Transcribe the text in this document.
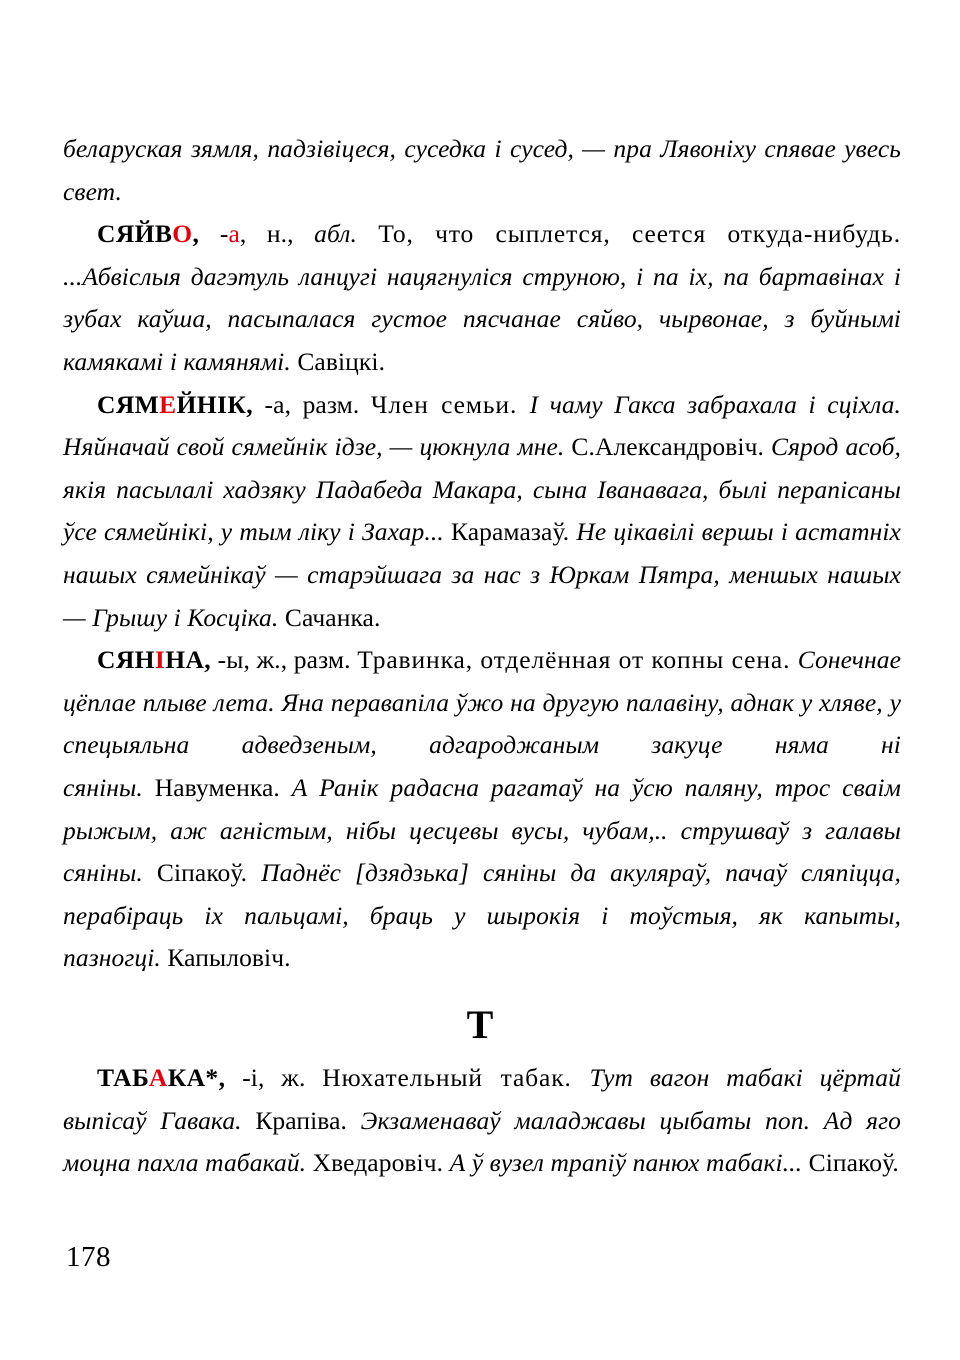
беларуская зямля, падзівіцеся, суседка і сусед, — пра Лявоніху спявае увесь свет.

СЯЙВО, -а, н., абл. То, что сыплется, сеется откуда-нибудь. ...Абвіслыя дагэтуль ланцугі нацягнуліся струною, і па іх, па бартавінах і зубах каўша, пасыпалася густое пясчанае сяйво, чырвонае, з буйнымі камякамі і камянямі. Савіцкі.

СЯМЕЙНІК, -а, разм. Член семьи. І чаму Гакса забрахала і сціхла. Няйначай свой сямейнік ідзе, — цюкнула мне. С.Александровіч. Сярод асоб, якія пасылалі хадзяку Падабеда Макара, сына Іванавага, былі перапісаны ўсе сямейнікі, у тым ліку і Захар... Карамазаў. Не цікавілі вершы і астатніх нашых сямейнікаў — старэйшага за нас з Юркам Пятра, меншых нашых — Грышу і Косціка. Сачанка.

СЯНІНА, -ы, ж., разм. Травинка, отделённая от копны сена. Сонечнае цёплае плыве лета. Яна перавапіла ўжо на другую палавіну, аднак у хляве, у спецыяльна адведзеным, адгароджаным закуце няма ні сяніны. Навуменка. А Ранік радасна рагатаў на ўсю паляну, трос сваім рыжым, аж агністым, нібы цесцевы вусы, чубам,.. струшваў з галавы сяніны. Сіпакоў. Паднёс [дзядзька] сяніны да акуляраў, пачаў сляпіцца, перабіраць іх пальцамі, браць у шырокія і тоўстыя, як капыты, пазногці. Капыловіч.

Т

ТАБАКА*, -і, ж. Нюхательный табак. Тут вагон табакі цёртай выпісаў Гавака. Крапіва. Экзаменаваў маладжавы цыбаты поп. Ад яго моцна пахла табакай. Хведаровіч. А ў вузел трапіў панюх табакі... Сіпакоў.

178
